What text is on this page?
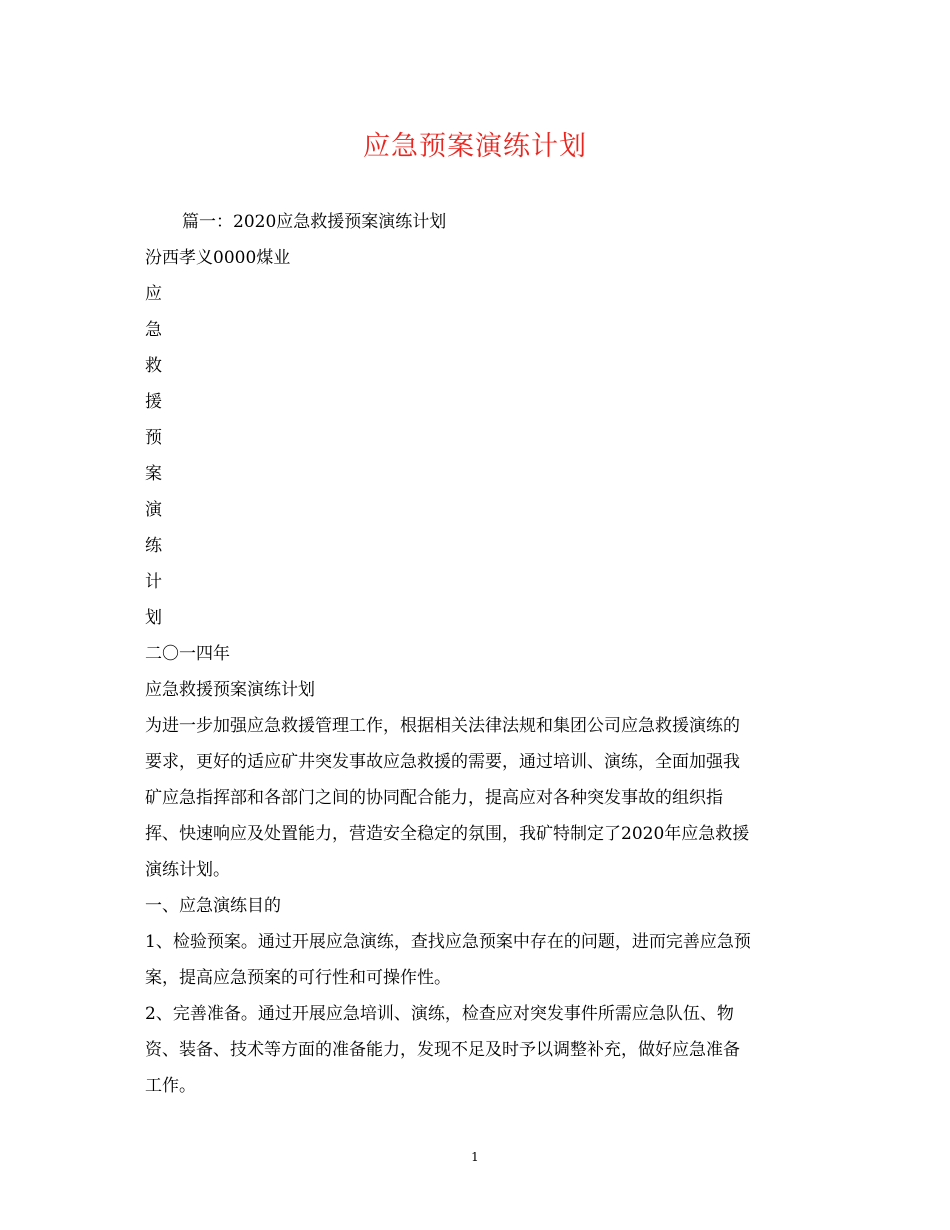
应急预案演练计划
篇一：2020应急救援预案演练计划
汾西孝义0000煤业
应
急
救
援
预
案
演
练
计
划
二〇一四年
应急救援预案演练计划
为进一步加强应急救援管理工作，根据相关法律法规和集团公司应急救援演练的
要求，更好的适应矿井突发事故应急救援的需要，通过培训、演练，全面加强我
矿应急指挥部和各部门之间的协同配合能力，提高应对各种突发事故的组织指
挥、快速响应及处置能力，营造安全稳定的氛围，我矿特制定了2020年应急救援
演练计划。
一、应急演练目的
1、检验预案。通过开展应急演练，查找应急预案中存在的问题，进而完善应急预
案，提高应急预案的可行性和可操作性。
2、完善准备。通过开展应急培训、演练，检查应对突发事件所需应急队伍、物
资、装备、技术等方面的准备能力，发现不足及时予以调整补充，做好应急准备
工作。
1
